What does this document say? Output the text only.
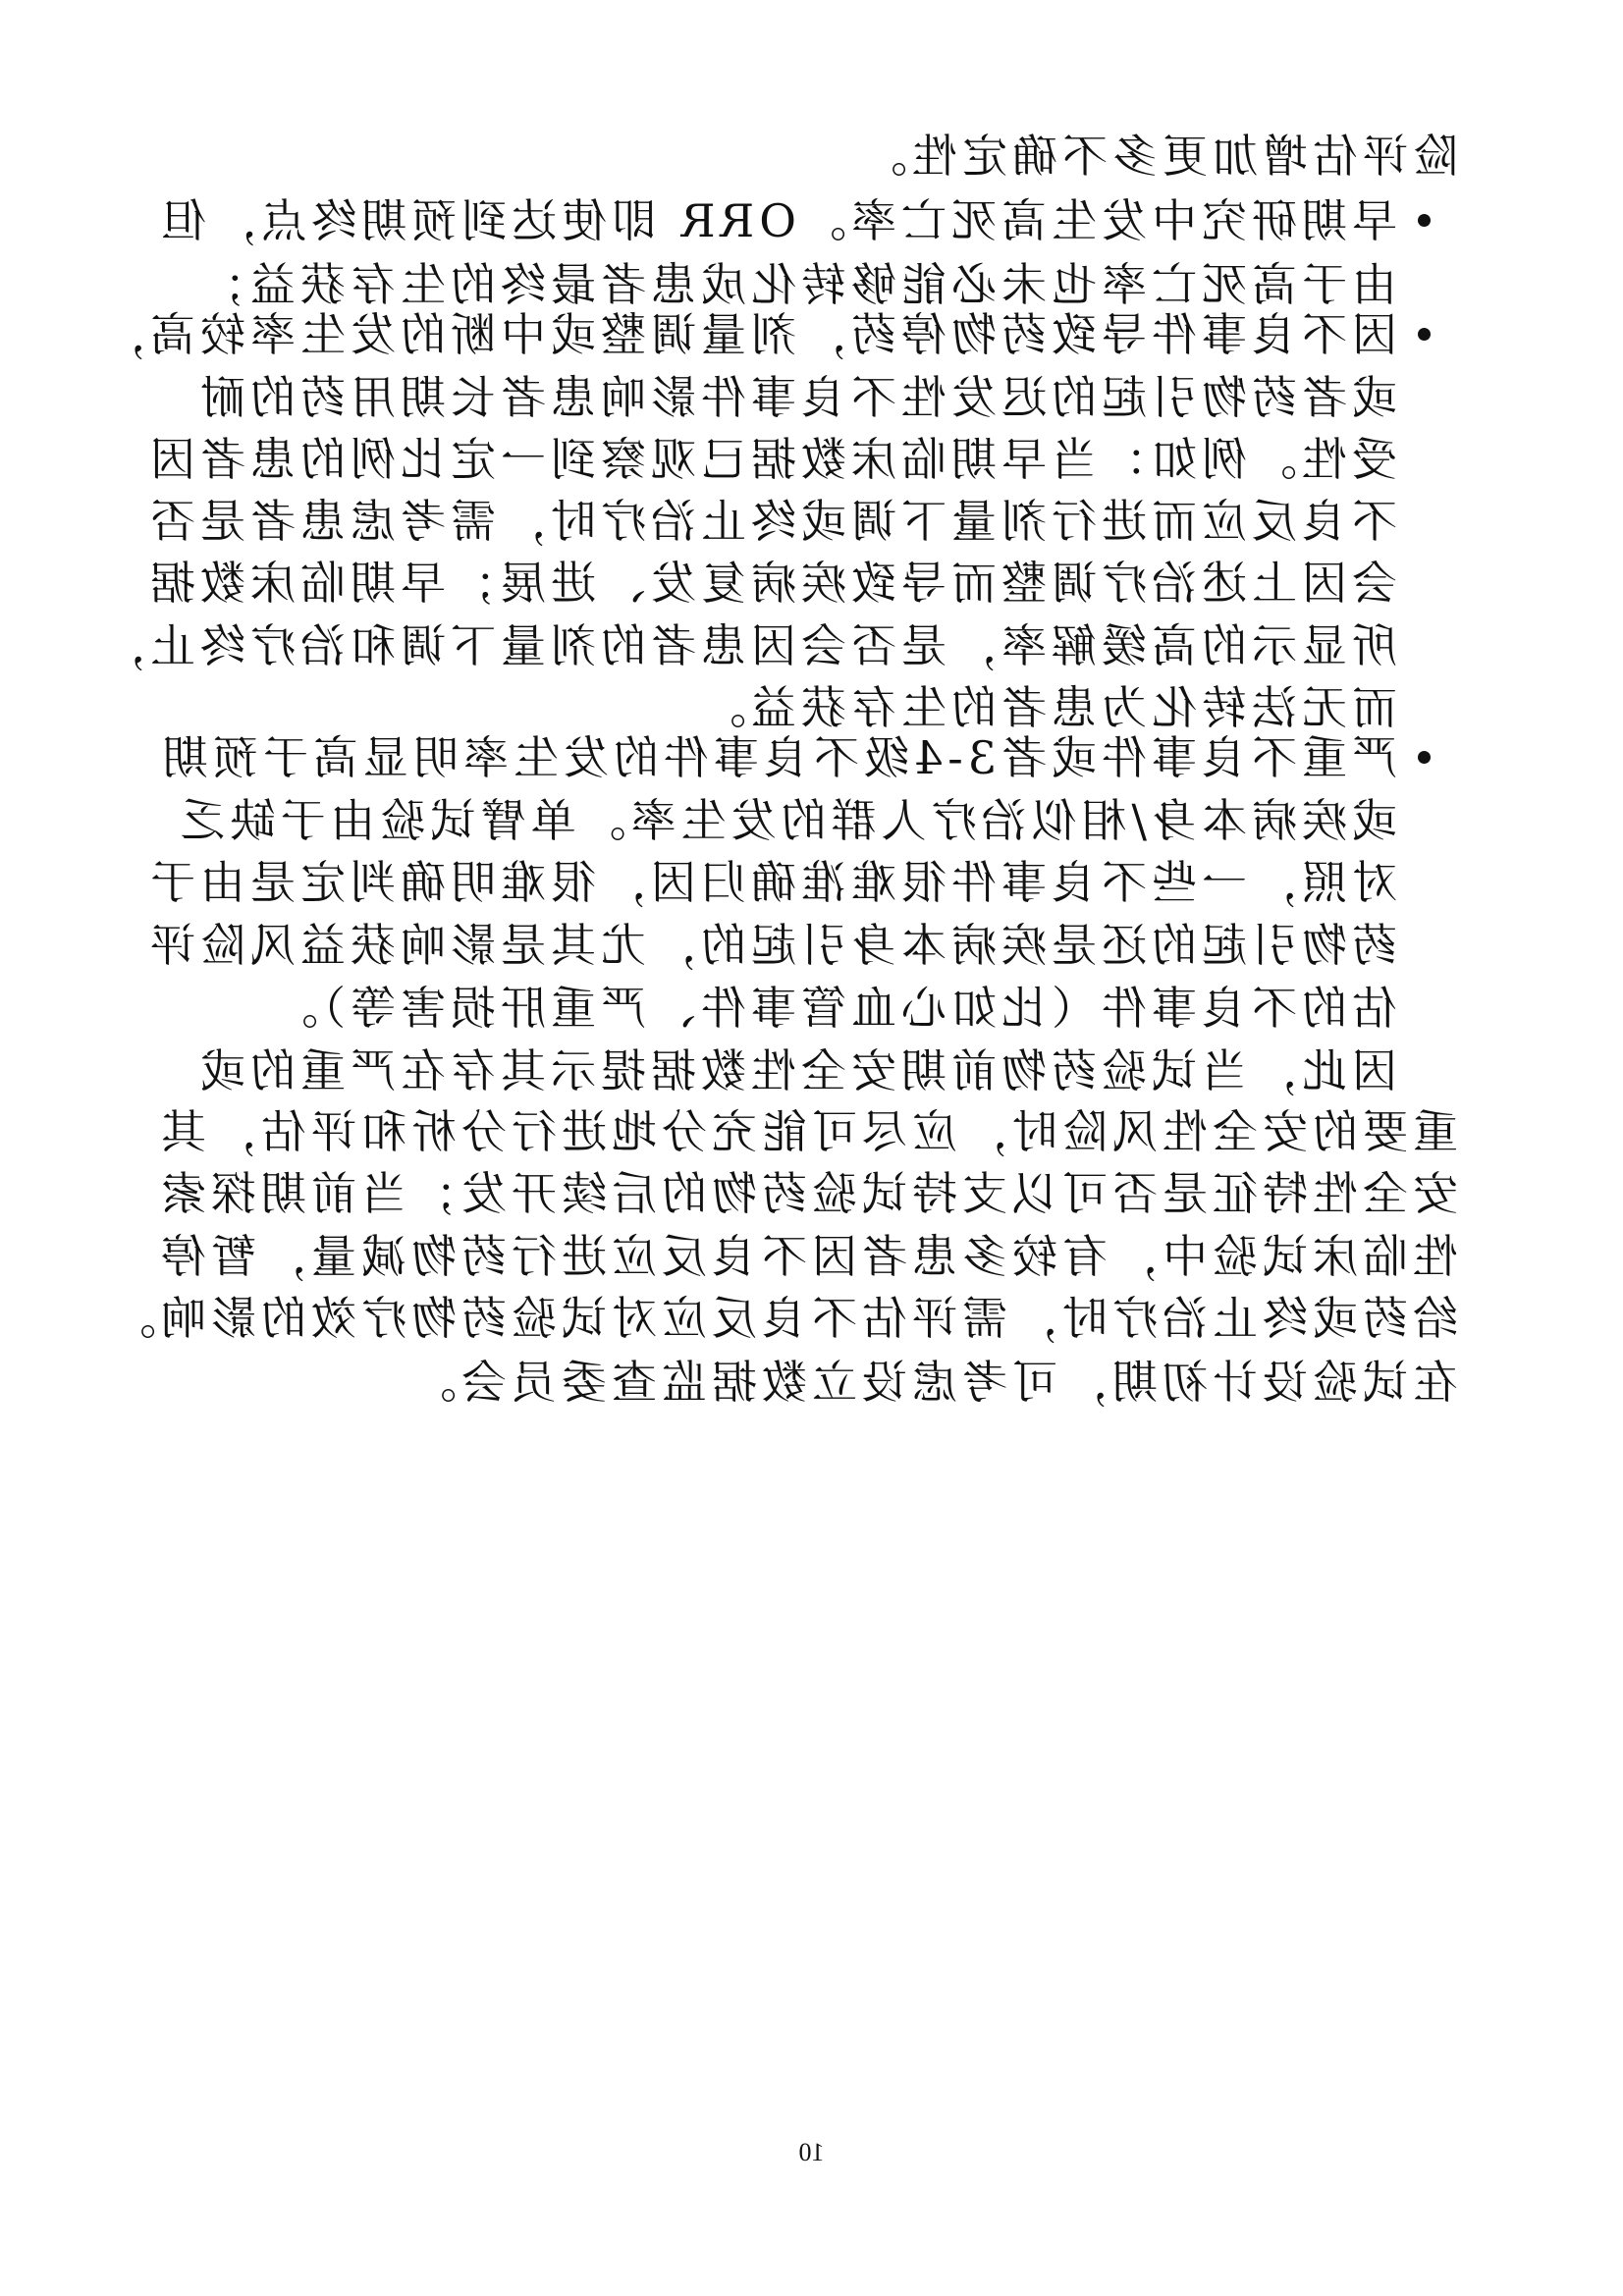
险评估增加更多不确定性。
早期研究中发生高死亡率。ORR 即使达到预期终点，但
由于高死亡率也未必能够转化成患者最终的生存获益；
因不良事件导致药物停药，剂量调整或中断的发生率较高，
或者药物引起的迟发性不良事件影响患者长期用药的耐
受性。例如：当早期临床数据已观察到一定比例的患者因
不良反应而进行剂量下调或终止治疗时，需考虑患者是否
会因上述治疗调整而导致疾病复发、进展；早期临床数据
所显示的高缓解率，是否会因患者的剂量下调和治疗终止，
而无法转化为患者的生存获益。
严重不良事件或者3-4级不良事件的发生率明显高于预期
或疾病本身/相似治疗人群的发生率。单臂试验由于缺乏
对照，一些不良事件很难准确归因，很难明确判定是由于
药物引起的还是疾病本身引起的，尤其是影响获益风险评
估的不良事件（比如心血管事件、严重肝损害等）。
因此，当试验药物前期安全性数据提示其存在严重的或
重要的安全性风险时，应尽可能充分地进行分析和评估，其
安全性特征是否可以支持试验药物的后续开发；当前期探索
性临床试验中，有较多患者因不良反应进行药物减量，暂停
给药或终止治疗时，需评估不良反应对试验药物疗效的影响。
在试验设计初期，可考虑设立数据监查委员会。
10
